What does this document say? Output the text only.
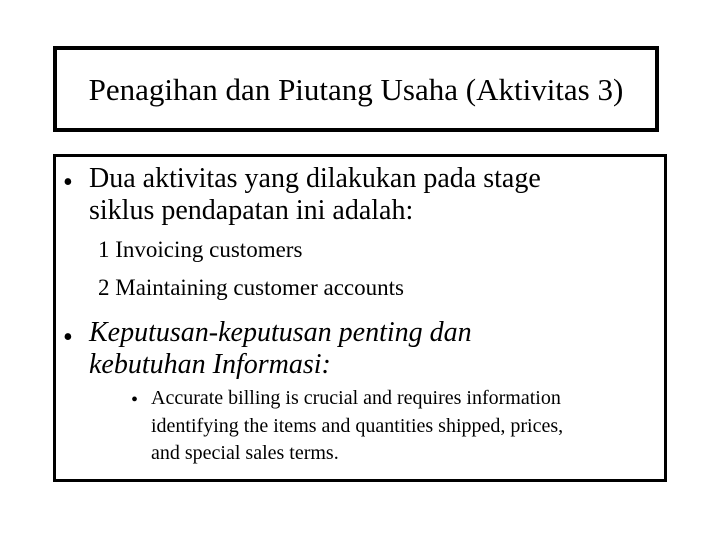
Penagihan dan Piutang Usaha (Aktivitas 3)
• Dua aktivitas yang dilakukan pada stage
siklus pendapatan ini adalah:
1 Invoicing customers
2 Maintaining customer accounts
• Keputusan-keputusan penting dan
kebutuhan Informasi:
• Accurate billing is crucial and requires information
identifying the items and quantities shipped, prices,
and special sales terms.
